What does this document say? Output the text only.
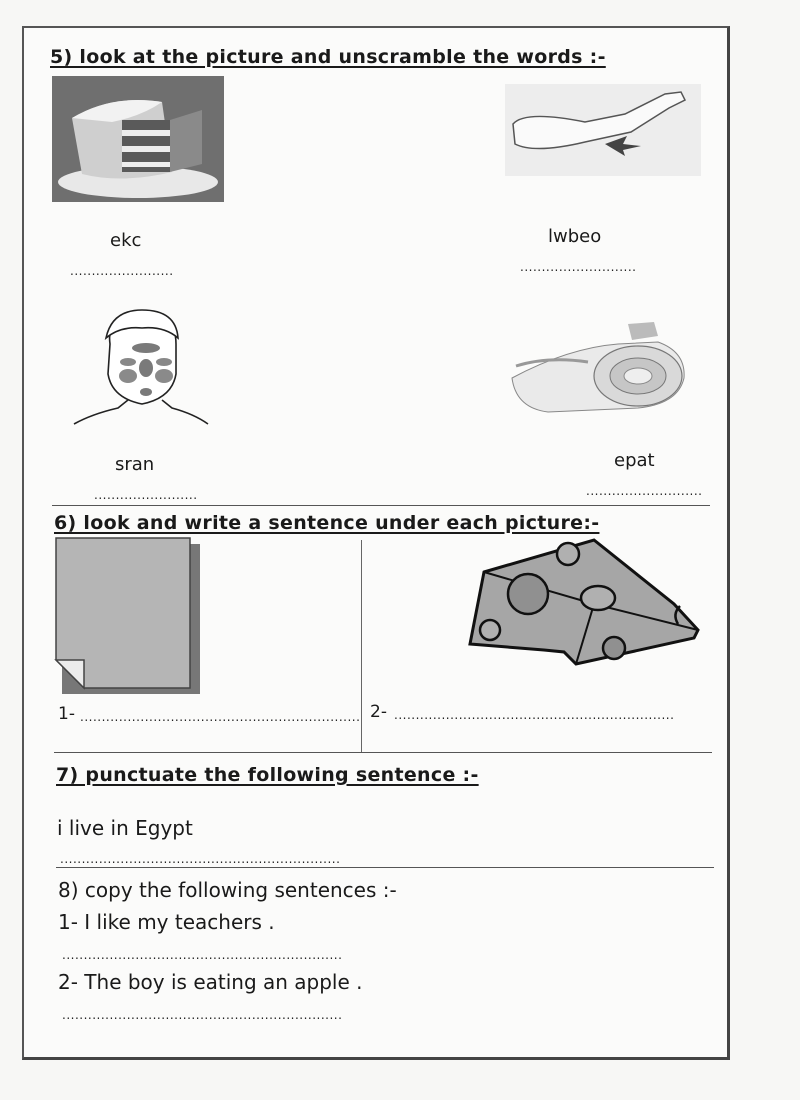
5) look at the picture and unscramble the words :-
ekc	lwbeo
........................	...........................
sran	epat
........................	...........................
6) look and write a sentence under each picture:-
1- ................................................................. 2- .................................................................
7) punctuate the following sentence :-
i live in Egypt
.................................................................
8) copy the following sentences :-
1- I like my teachers .
.................................................................
2- The boy is eating an apple .
.................................................................
